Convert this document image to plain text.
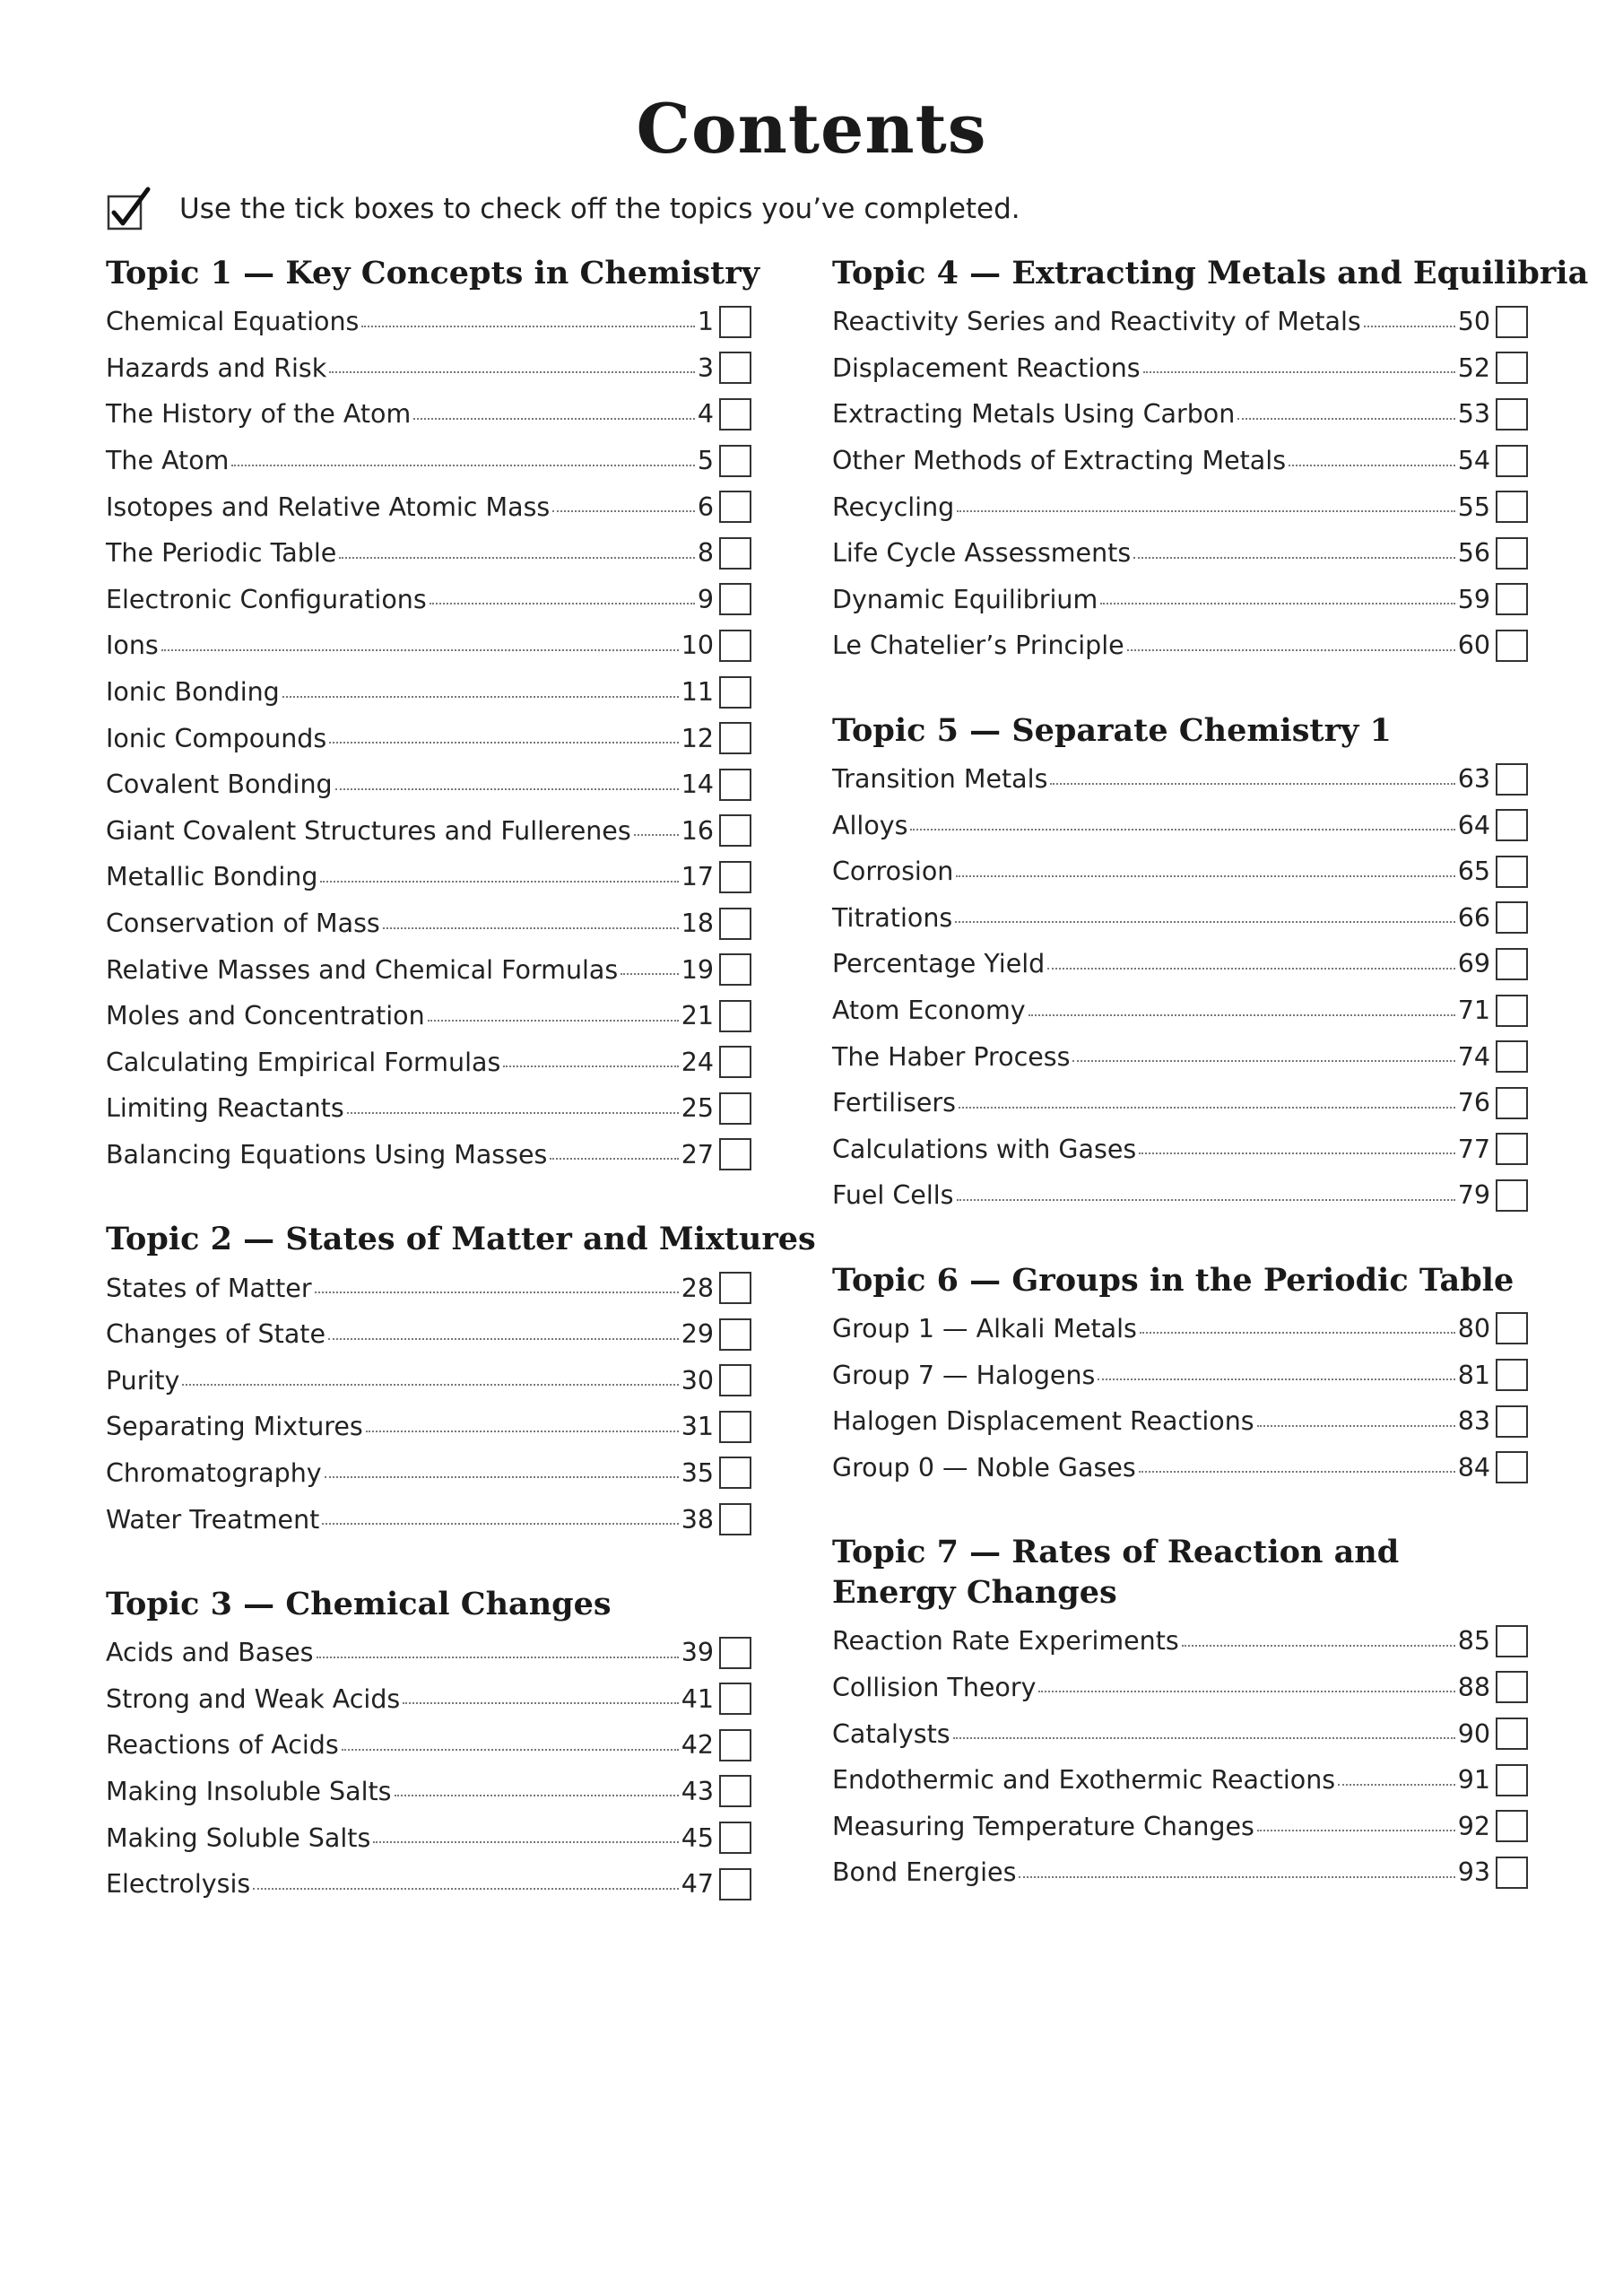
Contents
Use the tick boxes to check off the topics you’ve completed.
Topic 1 — Key Concepts in Chemistry
Chemical Equations	1
Hazards and Risk	3
The History of the Atom	4
The Atom	5
Isotopes and Relative Atomic Mass	6
The Periodic Table	8
Electronic Configurations	9
Ions	10
Ionic Bonding	11
Ionic Compounds	12
Covalent Bonding	14
Giant Covalent Structures and Fullerenes 16
Metallic Bonding	17
Conservation of Mass	18
Relative Masses and Chemical Formulas 19
Moles and Concentration	21
Calculating Empirical Formulas	24
Limiting Reactants	25
Balancing Equations Using Masses	27
Topic 2 — States of Matter and Mixtures
States of Matter	28
Changes of State	29
Purity	30
Separating Mixtures	31
Chromatography	35
Water Treatment	38
Topic 3 — Chemical Changes
Acids and Bases	39
Strong and Weak Acids	41
Reactions of Acids	42
Making Insoluble Salts	43
Making Soluble Salts	45
Electrolysis	47
Topic 4 — Extracting Metals and Equilibria
Reactivity Series and Reactivity of Metals	50
Displacement Reactions	52
Extracting Metals Using Carbon	53
Other Methods of Extracting Metals	54
Recycling	55
Life Cycle Assessments	56
Dynamic Equilibrium	59
Le Chatelier’s Principle	60
Topic 5 — Separate Chemistry 1
Transition Metals	63
Alloys	64
Corrosion	65
Titrations	66
Percentage Yield	69
Atom Economy	71
The Haber Process	74
Fertilisers	76
Calculations with Gases	77
Fuel Cells	79
Topic 6 — Groups in the Periodic Table
Group 1 — Alkali Metals	80
Group 7 — Halogens	81
Halogen Displacement Reactions	83
Group 0 — Noble Gases	84
Topic 7 — Rates of Reaction and
Energy Changes
Reaction Rate Experiments	85
Collision Theory	88
Catalysts	90
Endothermic and Exothermic Reactions	91
Measuring Temperature Changes	92
Bond Energies	93
